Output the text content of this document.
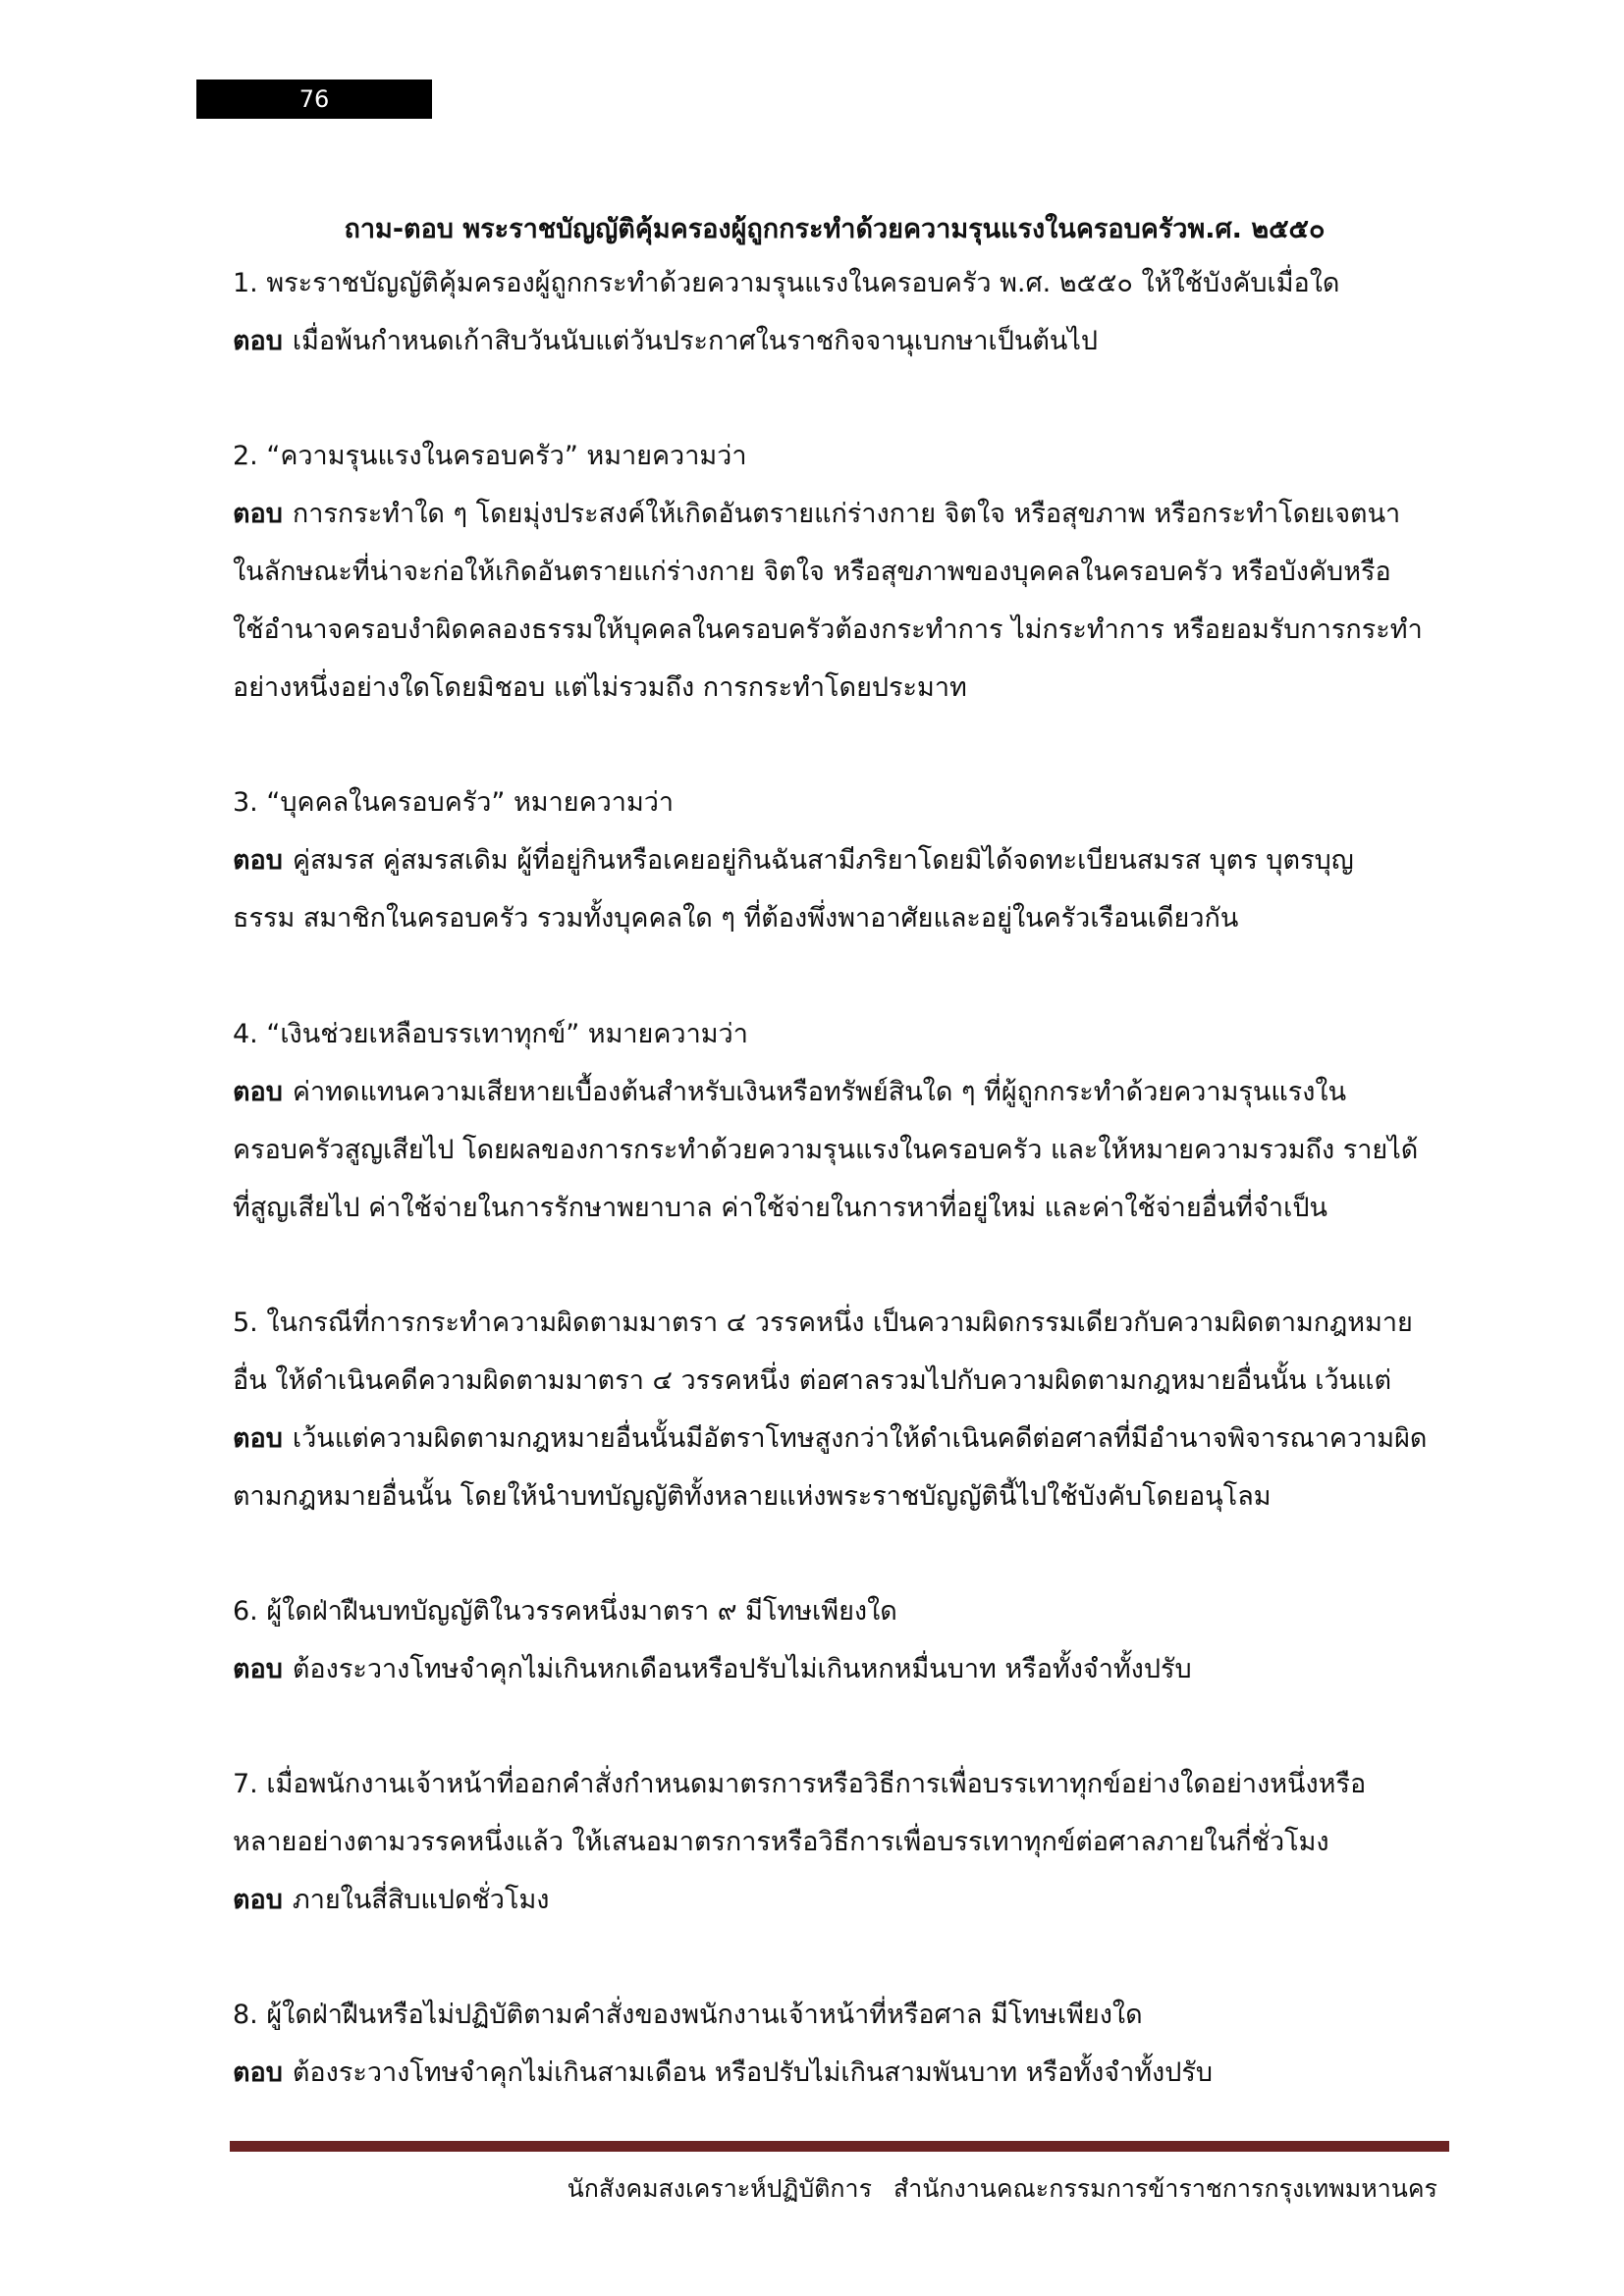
76
ถาม-ตอบ พระราชบัญญัติคุ้มครองผู้ถูกกระทำด้วยความรุนแรงในครอบครัวพ.ศ. ๒๕๕๐
1. พระราชบัญญัติคุ้มครองผู้ถูกกระทำด้วยความรุนแรงในครอบครัว พ.ศ. ๒๕๕๐ ให้ใช้บังคับเมื่อใด
ตอบ เมื่อพ้นกำหนดเก้าสิบวันนับแต่วันประกาศในราชกิจจานุเบกษาเป็นต้นไป
2. “ความรุนแรงในครอบครัว” หมายความว่า
ตอบ การกระทำใด ๆ โดยมุ่งประสงค์ให้เกิดอันตรายแก่ร่างกาย จิตใจ หรือสุขภาพ หรือกระทำโดยเจตนา
ในลักษณะที่น่าจะก่อให้เกิดอันตรายแก่ร่างกาย จิตใจ หรือสุขภาพของบุคคลในครอบครัว หรือบังคับหรือ
ใช้อำนาจครอบงำผิดคลองธรรมให้บุคคลในครอบครัวต้องกระทำการ ไม่กระทำการ หรือยอมรับการกระทำ
อย่างหนึ่งอย่างใดโดยมิชอบ แต่ไม่รวมถึง การกระทำโดยประมาท
3. “บุคคลในครอบครัว” หมายความว่า
ตอบ คู่สมรส คู่สมรสเดิม ผู้ที่อยู่กินหรือเคยอยู่กินฉันสามีภริยาโดยมิได้จดทะเบียนสมรส บุตร บุตรบุญ
ธรรม สมาชิกในครอบครัว รวมทั้งบุคคลใด ๆ ที่ต้องพึ่งพาอาศัยและอยู่ในครัวเรือนเดียวกัน
4. “เงินช่วยเหลือบรรเทาทุกข์” หมายความว่า
ตอบ ค่าทดแทนความเสียหายเบื้องต้นสำหรับเงินหรือทรัพย์สินใด ๆ ที่ผู้ถูกกระทำด้วยความรุนแรงใน
ครอบครัวสูญเสียไป โดยผลของการกระทำด้วยความรุนแรงในครอบครัว และให้หมายความรวมถึง รายได้
ที่สูญเสียไป ค่าใช้จ่ายในการรักษาพยาบาล ค่าใช้จ่ายในการหาที่อยู่ใหม่ และค่าใช้จ่ายอื่นที่จำเป็น
5. ในกรณีที่การกระทำความผิดตามมาตรา ๔ วรรคหนึ่ง เป็นความผิดกรรมเดียวกับความผิดตามกฎหมาย
อื่น ให้ดำเนินคดีความผิดตามมาตรา ๔ วรรคหนึ่ง ต่อศาลรวมไปกับความผิดตามกฎหมายอื่นนั้น เว้นแต่
ตอบ เว้นแต่ความผิดตามกฎหมายอื่นนั้นมีอัตราโทษสูงกว่าให้ดำเนินคดีต่อศาลที่มีอำนาจพิจารณาความผิด
ตามกฎหมายอื่นนั้น โดยให้นำบทบัญญัติทั้งหลายแห่งพระราชบัญญัตินี้ไปใช้บังคับโดยอนุโลม
6. ผู้ใดฝ่าฝืนบทบัญญัติในวรรคหนึ่งมาตรา ๙ มีโทษเพียงใด
ตอบ ต้องระวางโทษจำคุกไม่เกินหกเดือนหรือปรับไม่เกินหกหมื่นบาท หรือทั้งจำทั้งปรับ
7. เมื่อพนักงานเจ้าหน้าที่ออกคำสั่งกำหนดมาตรการหรือวิธีการเพื่อบรรเทาทุกข์อย่างใดอย่างหนึ่งหรือ
หลายอย่างตามวรรคหนึ่งแล้ว ให้เสนอมาตรการหรือวิธีการเพื่อบรรเทาทุกข์ต่อศาลภายในกี่ชั่วโมง
ตอบ ภายในสี่สิบแปดชั่วโมง
8. ผู้ใดฝ่าฝืนหรือไม่ปฏิบัติตามคำสั่งของพนักงานเจ้าหน้าที่หรือศาล มีโทษเพียงใด
ตอบ ต้องระวางโทษจำคุกไม่เกินสามเดือน หรือปรับไม่เกินสามพันบาท หรือทั้งจำทั้งปรับ
นักสังคมสงเคราะห์ปฏิบัติการ สำนักงานคณะกรรมการข้าราชการกรุงเทพมหานคร
